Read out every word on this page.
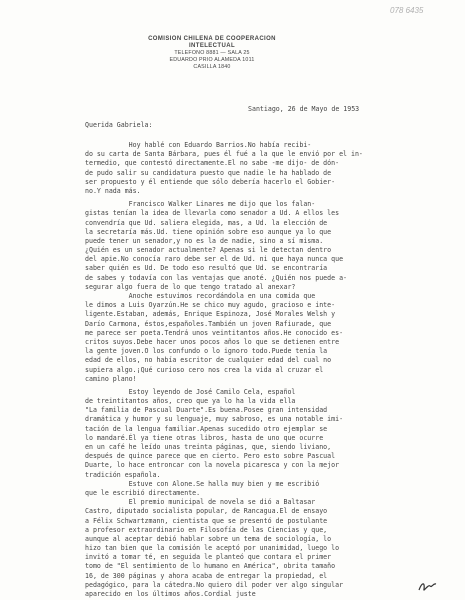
078 6435
COMISION CHILENA DE COOPERACION INTELECTUAL
TELEFONO 8881 — SALA 25
EDUARDO PRIO ALAMEDA 1011
CASILLA 1840
Santiago, 26 de Mayo de 1953
Querida Gabriela:
Hoy hablé con Eduardo Barrios.No había recibi-
do su carta de Santa Bárbara, pues él fué a la que le envió por el in-
termedio, que contestó directamente.El no sabe -me dijo- de dón-
de pudo salir su candidatura puesto que nadie le ha hablado de
ser propuesto y él entiende que sólo debería hacerlo el Gobier-
no.Y nada más.
Francisco Walker Linares me dijo que los falan-
gistas tenían la idea de llevarla como senador a Ud. A ellos les
convendría que Ud. saliera elegida, mas, a Ud. la elección de
la secretaría más.Ud. tiene opinión sobre eso aunque ya lo que
puede tener un senador,y no es la de nadie, sino a sí misma.
¿Quién es un senador actualmente? Apenas si le detectan dentro
del apie.No conocía raro debe ser el de Ud. ni que haya nunca que
saber quién es Ud. De todo eso resultó que Ud. se encontraría
de sabes y todavía con las ventajas que anoté. ¿Quién nos puede a-
segurar algo fuera de lo que tengo tratado al anexar?
Anoche estuvimos recordándola en una comida que
le dimos a Luis Oyarzún.He se chico muy agudo, gracioso e inte-
ligente.Estaban, además, Enrique Espinoza, José Morales Welsh y
Darío Carmona, éstos,españoles.También un joven Rafiurade, que
me parece ser poeta.Tendrá unos veintitantos años.He conocido es-
critos suyos.Debe hacer unos pocos años lo que se detienen entre
la gente joven.O los confundo o lo ignoro todo.Puede tenía la
edad de ellos, no había escritor de cualquier edad del cual no
supiera algo.¡Qué curioso cero nos crea la vida al cruzar el
camino plano!
Estoy leyendo de José Camilo Cela, español
de treintitantos años, creo que ya lo ha la vida ella
"La familia de Pascual Duarte".Es buena.Posee gran intensidad
dramática y humor y su lenguaje, muy sabroso, es una notable imi-
tación de la lengua familiar.Apenas sucedido otro ejemplar se
lo mandaré.Él ya tiene otras libros, hasta de uno que ocurre
en un café he leído unas treinta páginas, que, siendo liviano,
después de quince parece que en cierto. Pero esto sobre Pascual
Duarte, lo hace entroncar con la novela picaresca y con la mejor
tradición española.
Estuve con Alone.Se halla muy bien y me escribió
que le escribió directamente.
El premio municipal de novela se dió a Baltasar
Castro, diputado socialista popular, de Rancagua.El de ensayo
a Félix Schwartzmann, cientista que se presentó de postulante
a profesor extraordinario en Filosofía de las Ciencias y que,
aunque al aceptar debió hablar sobre un tema de sociología, lo
hizo tan bien que la comisión le aceptó por unanimidad, luego lo
invitó a tomar té, en seguida le planteó que contara el primer
tomo de "El sentimiento de lo humano en América", obrita tamaño
16, de 300 páginas y ahora acaba de entregar la propiedad, el
pedagógico, para la cátedra.No quiero dil poder ver algo singular
aparecido en los últimos años.Cordial juste
